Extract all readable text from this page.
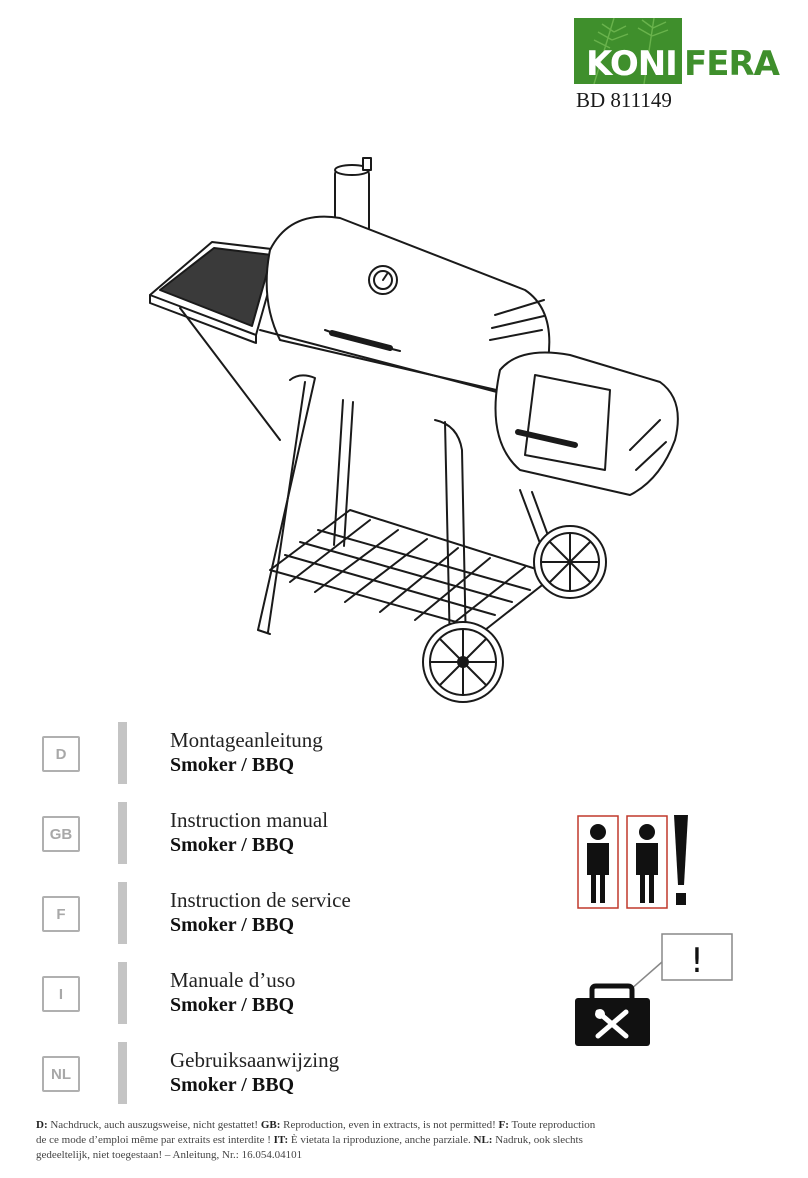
KONI FERA
BD 811149
D
Montageanleitung
Smoker / BBQ
GB
Instruction manual
Smoker / BBQ
F
Instruction de service
Smoker / BBQ
I
Manuale d’uso
Smoker / BBQ
NL
Gebruiksaanwijzing
Smoker / BBQ
!
D: Nachdruck, auch auszugsweise, nicht gestattet! GB: Reproduction, even in extracts, is not permitted! F: Toute reproduction de ce mode d’emploi même par extraits est interdite ! IT: È vietata la riproduzione, anche parziale. NL: Nadruk, ook slechts gedeeltelijk, niet toegestaan! – Anleitung, Nr.: 16.054.04101
